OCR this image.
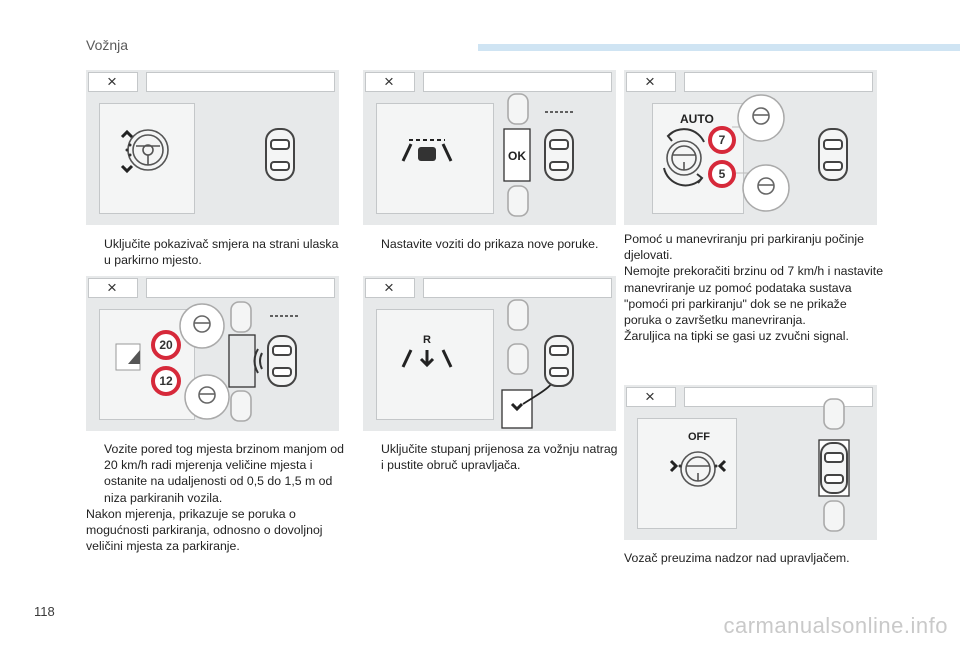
Vožnja
×
×
20
12
×
OK
×
R
×
AUTO
7
5
×
OFF
Uključite pokazivač smjera na strani ulaska u parkirno mjesto.
Vozite pored tog mjesta brzinom manjom od 20 km/h radi mjerenja veličine mjesta i ostanite na udaljenosti od 0,5 do 1,5 m od niza parkiranih vozila.
Nakon mjerenja, prikazuje se poruka o mogućnosti parkiranja, odnosno o dovoljnoj veličini mjesta za parkiranje.
Nastavite voziti do prikaza nove poruke.
Uključite stupanj prijenosa za vožnju natrag i pustite obruč upravljača.
Pomoć u manevriranju pri parkiranju počinje djelovati.
Nemojte prekoračiti brzinu od 7 km/h i nastavite manevriranje uz pomoć podataka sustava "pomoći pri parkiranju" dok se ne prikaže poruka o završetku manevriranja.
Žaruljica na tipki se gasi uz zvučni signal.
Vozač preuzima nadzor nad upravljačem.
118
carmanualsonline.info
